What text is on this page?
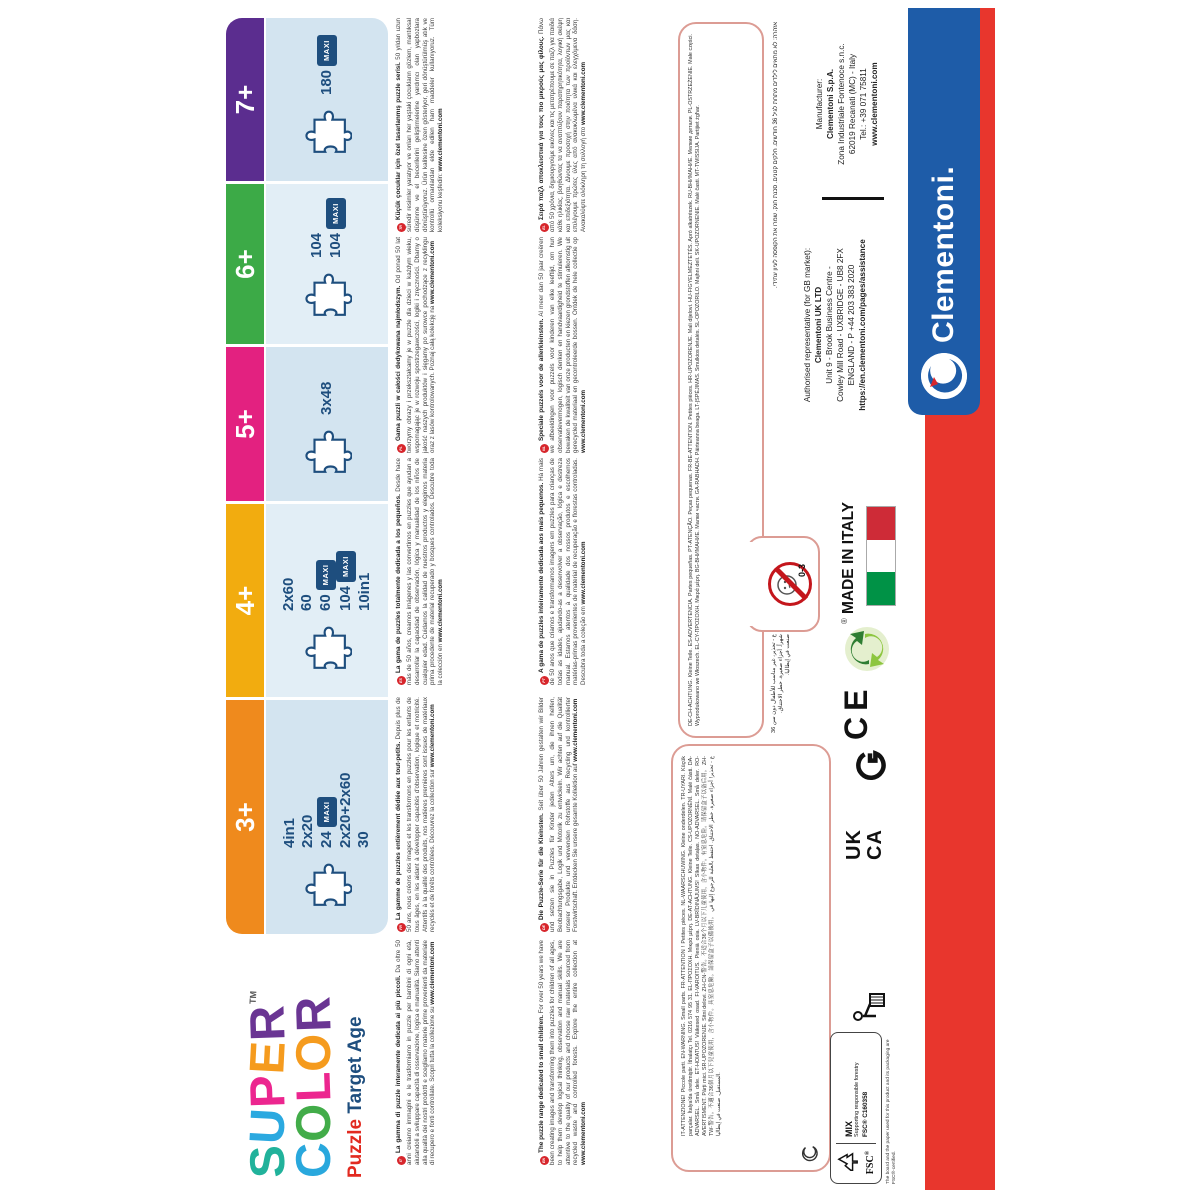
Clementoni.
SUPERTM
COLOR
Puzzle Target Age
3+
4+
5+
6+
7+
4in1 2x20 24MAXI 2x20+2x60 30
2x60 60 60MAXI
104MAXI
10in1
3x48
104 104MAXI
180MAXI
IT
La gamma di puzzle interamente dedicata ai più piccoli. Da oltre 50 anni creiamo immagini e le trasformiamo in puzzle per bambini di ogni età, aiutandoli a sviluppare capacità di osservazione, logica e manualità. Siamo attenti alla qualità dei nostri prodotti e scegliamo materie prime provenienti da materiale di recupero e fonti controllate. Scopri tutta la collezione su www.clementoni.com
FR
La gamme de puzzles entièrement dédiée aux tout-petits. Depuis plus de 50 ans, nous créons des images et les transformons en puzzles pour les enfants de tous âges, en les aidant à développer capacités d'observation, logique et motricité. Attentifs à la qualité des produits, nos matières premières sont issues de matériaux recyclés et de forêts contrôlées. Découvrez la collection sur www.clementoni.com
ES
La gama de puzzles totalmente dedicada a los pequeños. Desde hace más de 50 años, creamos imágenes y las convertimos en puzzles que ayudan a desarrollar la capacidad de observación, lógica y manualidad de los niños de cualquier edad. Cuidamos la calidad de nuestros productos y elegimos materia prima procedente de material recuperado y bosques controlados. Descubre toda la colección en www.clementoni.com
PL
Gama puzzli w całości dedykowana najmłodszym. Od ponad 50 lat tworzymy obrazy i przekształcamy je w puzzle dla dzieci w każdym wieku, wspomagając je w rozwoju spostrzegawczości, logiki i zręczności. Dbamy o jakość naszych produktów i sięgamy po surowce pochodzące z recyklingu oraz z lasów kontrolowanych. Poznaj całą kolekcję na www.clementoni.com
TR
Küçük çocuklar için özel tasarlanmış puzzle serisi. 50 yıldan uzun süredir resimler yaratıyor ve onları her yaştaki çocukların gözlem, mantıksal düşünme ve el becerilerini geliştirmelerine yardımcı olan yapbozlara dönüştürüyoruz. Ürün kalitesine özen gösteriyor, geri dönüştürülmüş atık ve kontrollü ormanlardan elde edilen ham maddeler kullanıyoruz. Tüm koleksiyonu keşfedin: www.clementoni.com
EN
The puzzle range dedicated to small children. For over 50 years we have been creating images and transforming them into puzzles for children of all ages, to help them develop logical thinking, observation and manual skills. We are attentive to the quality of our products and choose raw materials sourced from recycled waste and controlled forests. Explore the entire collection at www.clementoni.com
DE
Die Puzzle-Serie für die Kleinsten. Seit über 50 Jahren gestalten wir Bilder und setzen sie in Puzzles für Kinder jeden Alters um, die ihnen helfen, Beobachtungsgabe, Logik und Motorik zu entwickeln. Wir achten auf die Qualität unserer Produkte und verwenden Rohstoffe aus Recycling und kontrollierter Forstwirtschaft. Entdecken Sie unsere gesamte Kollektion auf www.clementoni.com
PT
A gama de puzzles inteiramente dedicada aos mais pequenos. Há mais de 50 anos que criamos e transformamos imagens em puzzles para crianças de todas as idades, ajudando-as a desenvolver a observação, lógica e destreza manual. Estamos atentos à qualidade dos nossos produtos e escolhemos matérias-primas provenientes de material de recuperação e florestas controladas. Descubra toda a coleção em www.clementoni.com
NL
Speciale puzzels voor de allerkleinsten. Al meer dan 50 jaar creëren we afbeeldingen voor puzzels voor kinderen van elke leeftijd, om hun observatievermogen, logisch denken en handvaardigheid te stimuleren. We bewaken de kwaliteit van onze producten en kiezen grondstoffen afkomstig uit gerecycled materiaal en gecontroleerde bossen. Ontdek de hele collectie op www.clementoni.com
EL
Σειρά παζλ αποκλειστικά για τους πιο μικρούς μας φίλους. Πάνω από 50 χρόνια, δημιουργούμε εικόνες και τις μετατρέπουμε σε παζλ για παιδιά κάθε ηλικίας, βοηθώντας τα να αναπτύξουν παρατηρητικότητα, λογική σκέψη και επιδεξιότητα. Δίνουμε προσοχή στην ποιότητα των προϊόντων μας και επιλέγουμε πρώτες ύλες από ανακυκλωμένα υλικά και ελεγχόμενα δάση. Ανακαλύψτε ολόκληρη τη συλλογή στο www.clementoni.com
IT-ATTENZIONE! Piccole parti. EN-WARNING. Small parts. FR-ATTENTION ! Petites pièces. NL-WAARSCHUWING. Kleine onderdelen. TR-UYARI. Küçük parçalar. İtalya'da üretilmiştir. İthalatçı Tel. 0216 574 95 31. EL-ΠΡΟΣΟΧΗ. Μικρά μέρη. DE-AT-ACHTUNG. Kleine Teile. CS-UPOZORNĚNÍ. Malé části. DA-ADVARSEL. Små dele. ET-HOIATUS! Väikesed osad. FI-VAROITUS. Pieniä osia. LV-BRĪDINĀJUMS! Sīkas detaļas. NO-ADVARSEL. Små deler. RO-AVERTISMENT. Părți mici. SR-UPOZORENJE. Sitni delovi. ZH-CN-警告。不适合36个月以下儿童使用，含小物件。有窒息危险。请保留盒子以备后用。 ZH-TW-警告。不適合36個月以下兒童使用，含小物件。具窒息危險。請保留盒子以備後用。 ع - تحذير! أجزاء صغيرة. خطر الاختناق. احتفظ بالعلبة للرجوع إليها في المستقبل. صنعت في إيطاليا.
DE-CH-ACHTUNG. Kleine Teile. ES-ADVERTENCIA. Partes pequeñas. PT-ATENÇÃO. Peças pequenas. FR-BE-ATTENTION. Petites pièces. HR-UPOZORENJE. Mali dijelovi. HU-FIGYELMEZTETÉS. Apró alkatrészek. RU-ВНИМАНИЕ. Мелкие детали. PL-OSTRZEŻENIE. Małe części. Wyprodukowano we Włoszech. EL-CY-ΠΡΟΣΟΧΗ. Μικρά μέρη. BG-ВНИМАНИЕ. Малки части. GA-RABHADH. Páirteanna beaga. LT-ĮSPĖJIMAS. Smulkios detalės. SL-OPOZORILO. Majhni deli. SK-UPOZORNENIE. Malé časti. MT-TWISSIJA. Partijiet żgħar.	0-3
אזהרה: לא מתאים לילדים מתחת לגיל 36 חודשים. חלקים קטנים. סכנת חנק. שמרו את הקופסה לעיון עתידי.
ع - تحذير، غير مناسب للأطفال دون سن 36 شهراً. أجزاء صغيرة. خطر الاختناق. صنعت في إيطاليا.
UK CA
CE
®
MADE IN ITALY
Authorised representative (for GB market): Clementoni UK LTD Unit 9 - Brook Business Centre - Cowley Mill Road - UXBRIDGE - UB8 2FX ENGLAND - P +44 203 383 2020 https://en.clementoni.com/pages/assistance
Manufacturer: Clementoni S.p.A. Zona Industriale Fontenoce s.n.c. 62019 Recanati (MC) - Italy Tel.: +39 071 75811 www.clementoni.com
FSC®
MIX Supporting responsible forestry FSC® C160358	The board and the paper used for this product and its packaging are FSC®-certified.
